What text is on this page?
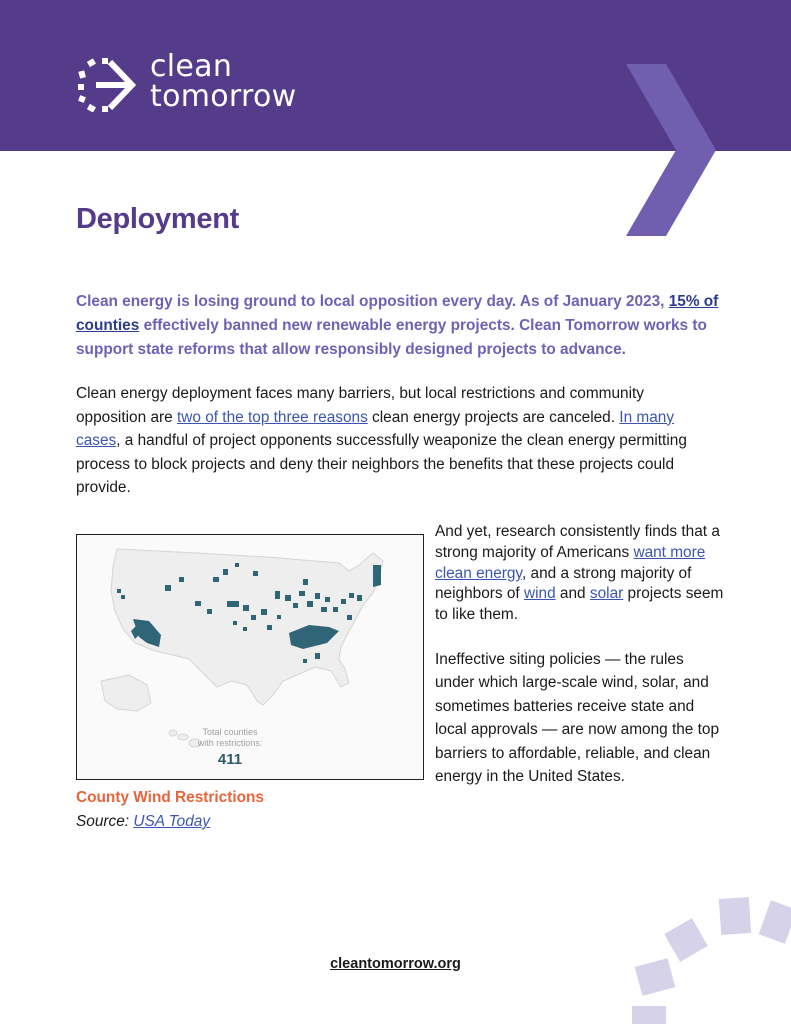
clean
tomorrow
Deployment

Clean energy is losing ground to local opposition every day. As of January 2023, 15% of counties effectively banned new renewable energy projects. Clean Tomorrow works to support state reforms that allow responsibly designed projects to advance.

Clean energy deployment faces many barriers, but local restrictions and community opposition are two of the top three reasons clean energy projects are canceled. In many cases, a handful of project opponents successfully weaponize the clean energy permitting process to block projects and deny their neighbors the benefits that these projects could provide.

Total counties
with restrictions:
411
County Wind Restrictions
Source: USA Today

And yet, research consistently finds that a strong majority of Americans want more clean energy, and a strong majority of neighbors of wind and solar projects seem to like them.

Ineffective siting policies — the rules under which large-scale wind, solar, and sometimes batteries receive state and local approvals — are now among the top barriers to affordable, reliable, and clean energy in the United States.

cleantomorrow.org
